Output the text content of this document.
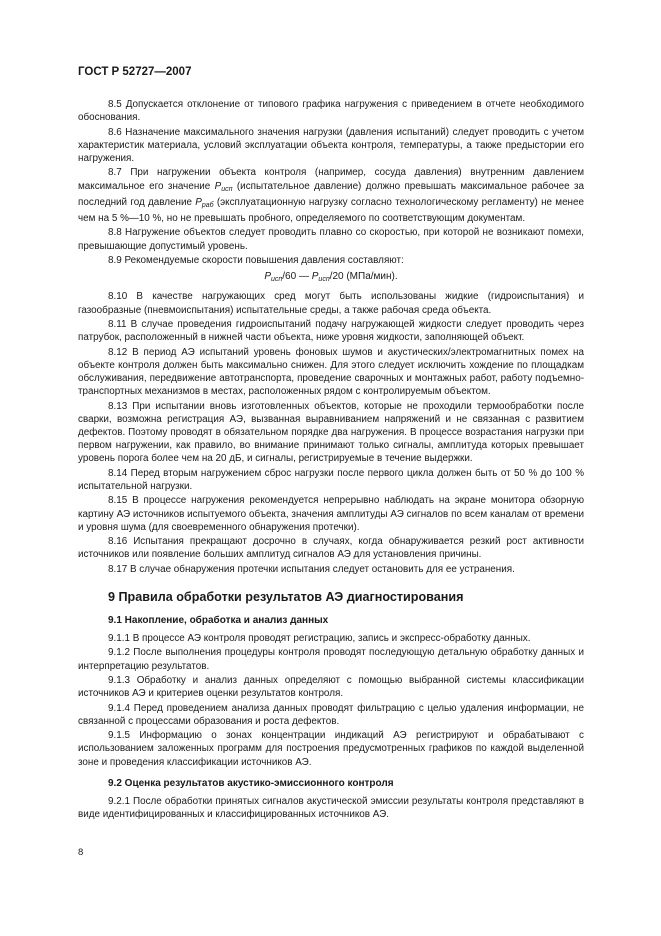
ГОСТ Р 52727—2007

8.5 Допускается отклонение от типового графика нагружения с приведением в отчете необходимого обоснования.

8.6 Назначение максимального значения нагрузки (давления испытаний) следует проводить с учетом характеристик материала, условий эксплуатации объекта контроля, температуры, а также предыстории его нагружения.

8.7 При нагружении объекта контроля (например, сосуда давления) внутренним давлением максимальное его значение $P_{исп}$ (испытательное давление) должно превышать максимальное рабочее за последний год давление $P_{раб}$ (эксплуатационную нагрузку согласно технологическому регламенту) не менее чем на 5 %—10 %, но не превышать пробного, определяемого по соответствующим документам.

8.8 Нагружение объектов следует проводить плавно со скоростью, при которой не возникают помехи, превышающие допустимый уровень.

8.9 Рекомендуемые скорости повышения давления составляют:

$P_{исп}/60$ — $P_{исп}/20$ (МПа/мин).

8.10 В качестве нагружающих сред могут быть использованы жидкие (гидроиспытания) и газообразные (пневмоиспытания) испытательные среды, а также рабочая среда объекта.

8.11 В случае проведения гидроиспытаний подачу нагружающей жидкости следует проводить через патрубок, расположенный в нижней части объекта, ниже уровня жидкости, заполняющей объект.

8.12 В период АЭ испытаний уровень фоновых шумов и акустических/электромагнитных помех на объекте контроля должен быть максимально снижен. Для этого следует исключить хождение по площадкам обслуживания, передвижение автотранспорта, проведение сварочных и монтажных работ, работу подъемно-транспортных механизмов в местах, расположенных рядом с контролируемым объектом.

8.13 При испытании вновь изготовленных объектов, которые не проходили термообработки после сварки, возможна регистрация АЭ, вызванная выравниванием напряжений и не связанная с развитием дефектов. Поэтому проводят в обязательном порядке два нагружения. В процессе возрастания нагрузки при первом нагружении, как правило, во внимание принимают только сигналы, амплитуда которых превышает уровень порога более чем на 20 дБ, и сигналы, регистрируемые в течение выдержки.

8.14 Перед вторым нагружением сброс нагрузки после первого цикла должен быть от 50 % до 100 % испытательной нагрузки.

8.15 В процессе нагружения рекомендуется непрерывно наблюдать на экране монитора обзорную картину АЭ источников испытуемого объекта, значения амплитуды АЭ сигналов по всем каналам от времени и уровня шума (для своевременного обнаружения протечки).

8.16 Испытания прекращают досрочно в случаях, когда обнаруживается резкий рост активности источников или появление больших амплитуд сигналов АЭ для установления причины.

8.17 В случае обнаружения протечки испытания следует остановить для ее устранения.

9 Правила обработки результатов АЭ диагностирования
9.1 Накопление, обработка и анализ данных

9.1.1 В процессе АЭ контроля проводят регистрацию, запись и экспресс-обработку данных.

9.1.2 После выполнения процедуры контроля проводят последующую детальную обработку данных и интерпретацию результатов.

9.1.3 Обработку и анализ данных определяют с помощью выбранной системы классификации источников АЭ и критериев оценки результатов контроля.

9.1.4 Перед проведением анализа данных проводят фильтрацию с целью удаления информации, не связанной с процессами образования и роста дефектов.

9.1.5 Информацию о зонах концентрации индикаций АЭ регистрируют и обрабатывают с использованием заложенных программ для построения предусмотренных графиков по каждой выделенной зоне и проведения классификации источников АЭ.

9.2 Оценка результатов акустико-эмиссионного контроля

9.2.1 После обработки принятых сигналов акустической эмиссии результаты контроля представляют в виде идентифицированных и классифицированных источников АЭ.

8
